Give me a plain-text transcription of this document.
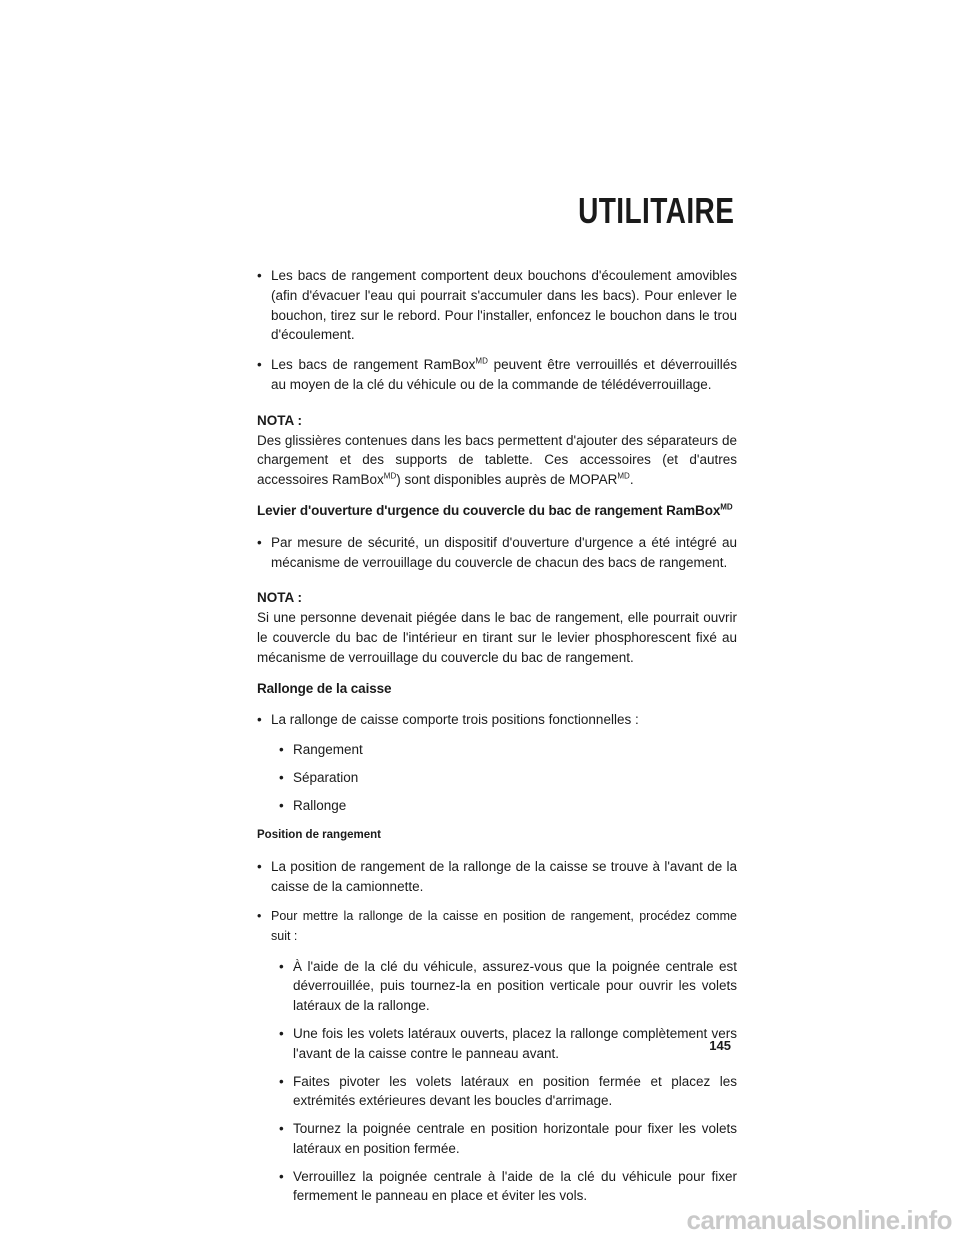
UTILITAIRE
• Les bacs de rangement comportent deux bouchons d'écoulement amovibles (afin d'évacuer l'eau qui pourrait s'accumuler dans les bacs). Pour enlever le bouchon, tirez sur le rebord. Pour l'installer, enfoncez le bouchon dans le trou d'écoulement.
• Les bacs de rangement RamBox$^{MD}$ peuvent être verrouillés et déverrouillés au moyen de la clé du véhicule ou de la commande de télédéverrouillage.
NOTA :

Des glissières contenues dans les bacs permettent d'ajouter des séparateurs de chargement et des supports de tablette. Ces accessoires (et d'autres accessoires RamBox$^{MD}$) sont disponibles auprès de $MOPAR^{MD}$.

Levier d'ouverture d'urgence du couvercle du bac de rangement RamBox$^{MD}$
• Par mesure de sécurité, un dispositif d'ouverture d'urgence a été intégré au mécanisme de verrouillage du couvercle de chacun des bacs de rangement.
NOTA :

Si une personne devenait piégée dans le bac de rangement, elle pourrait ouvrir le couvercle du bac de l'intérieur en tirant sur le levier phosphorescent fixé au mécanisme de verrouillage du couvercle du bac de rangement.

Rallonge de la caisse
• La rallonge de caisse comporte trois positions fonctionnelles :
• Rangement
• Séparation
• Rallonge
Position de rangement
• La position de rangement de la rallonge de la caisse se trouve à l'avant de la caisse de la camionnette.
• Pour mettre la rallonge de la caisse en position de rangement, procédez comme suit :
• À l'aide de la clé du véhicule, assurez-vous que la poignée centrale est déverrouillée, puis tournez-la en position verticale pour ouvrir les volets latéraux de la rallonge.
• Une fois les volets latéraux ouverts, placez la rallonge complètement vers l'avant de la caisse contre le panneau avant.
• Faites pivoter les volets latéraux en position fermée et placez les extrémités extérieures devant les boucles d'arrimage.
• Tournez la poignée centrale en position horizontale pour fixer les volets latéraux en position fermée.
• Verrouillez la poignée centrale à l'aide de la clé du véhicule pour fixer fermement le panneau en place et éviter les vols.
145
carmanualsonline.info
